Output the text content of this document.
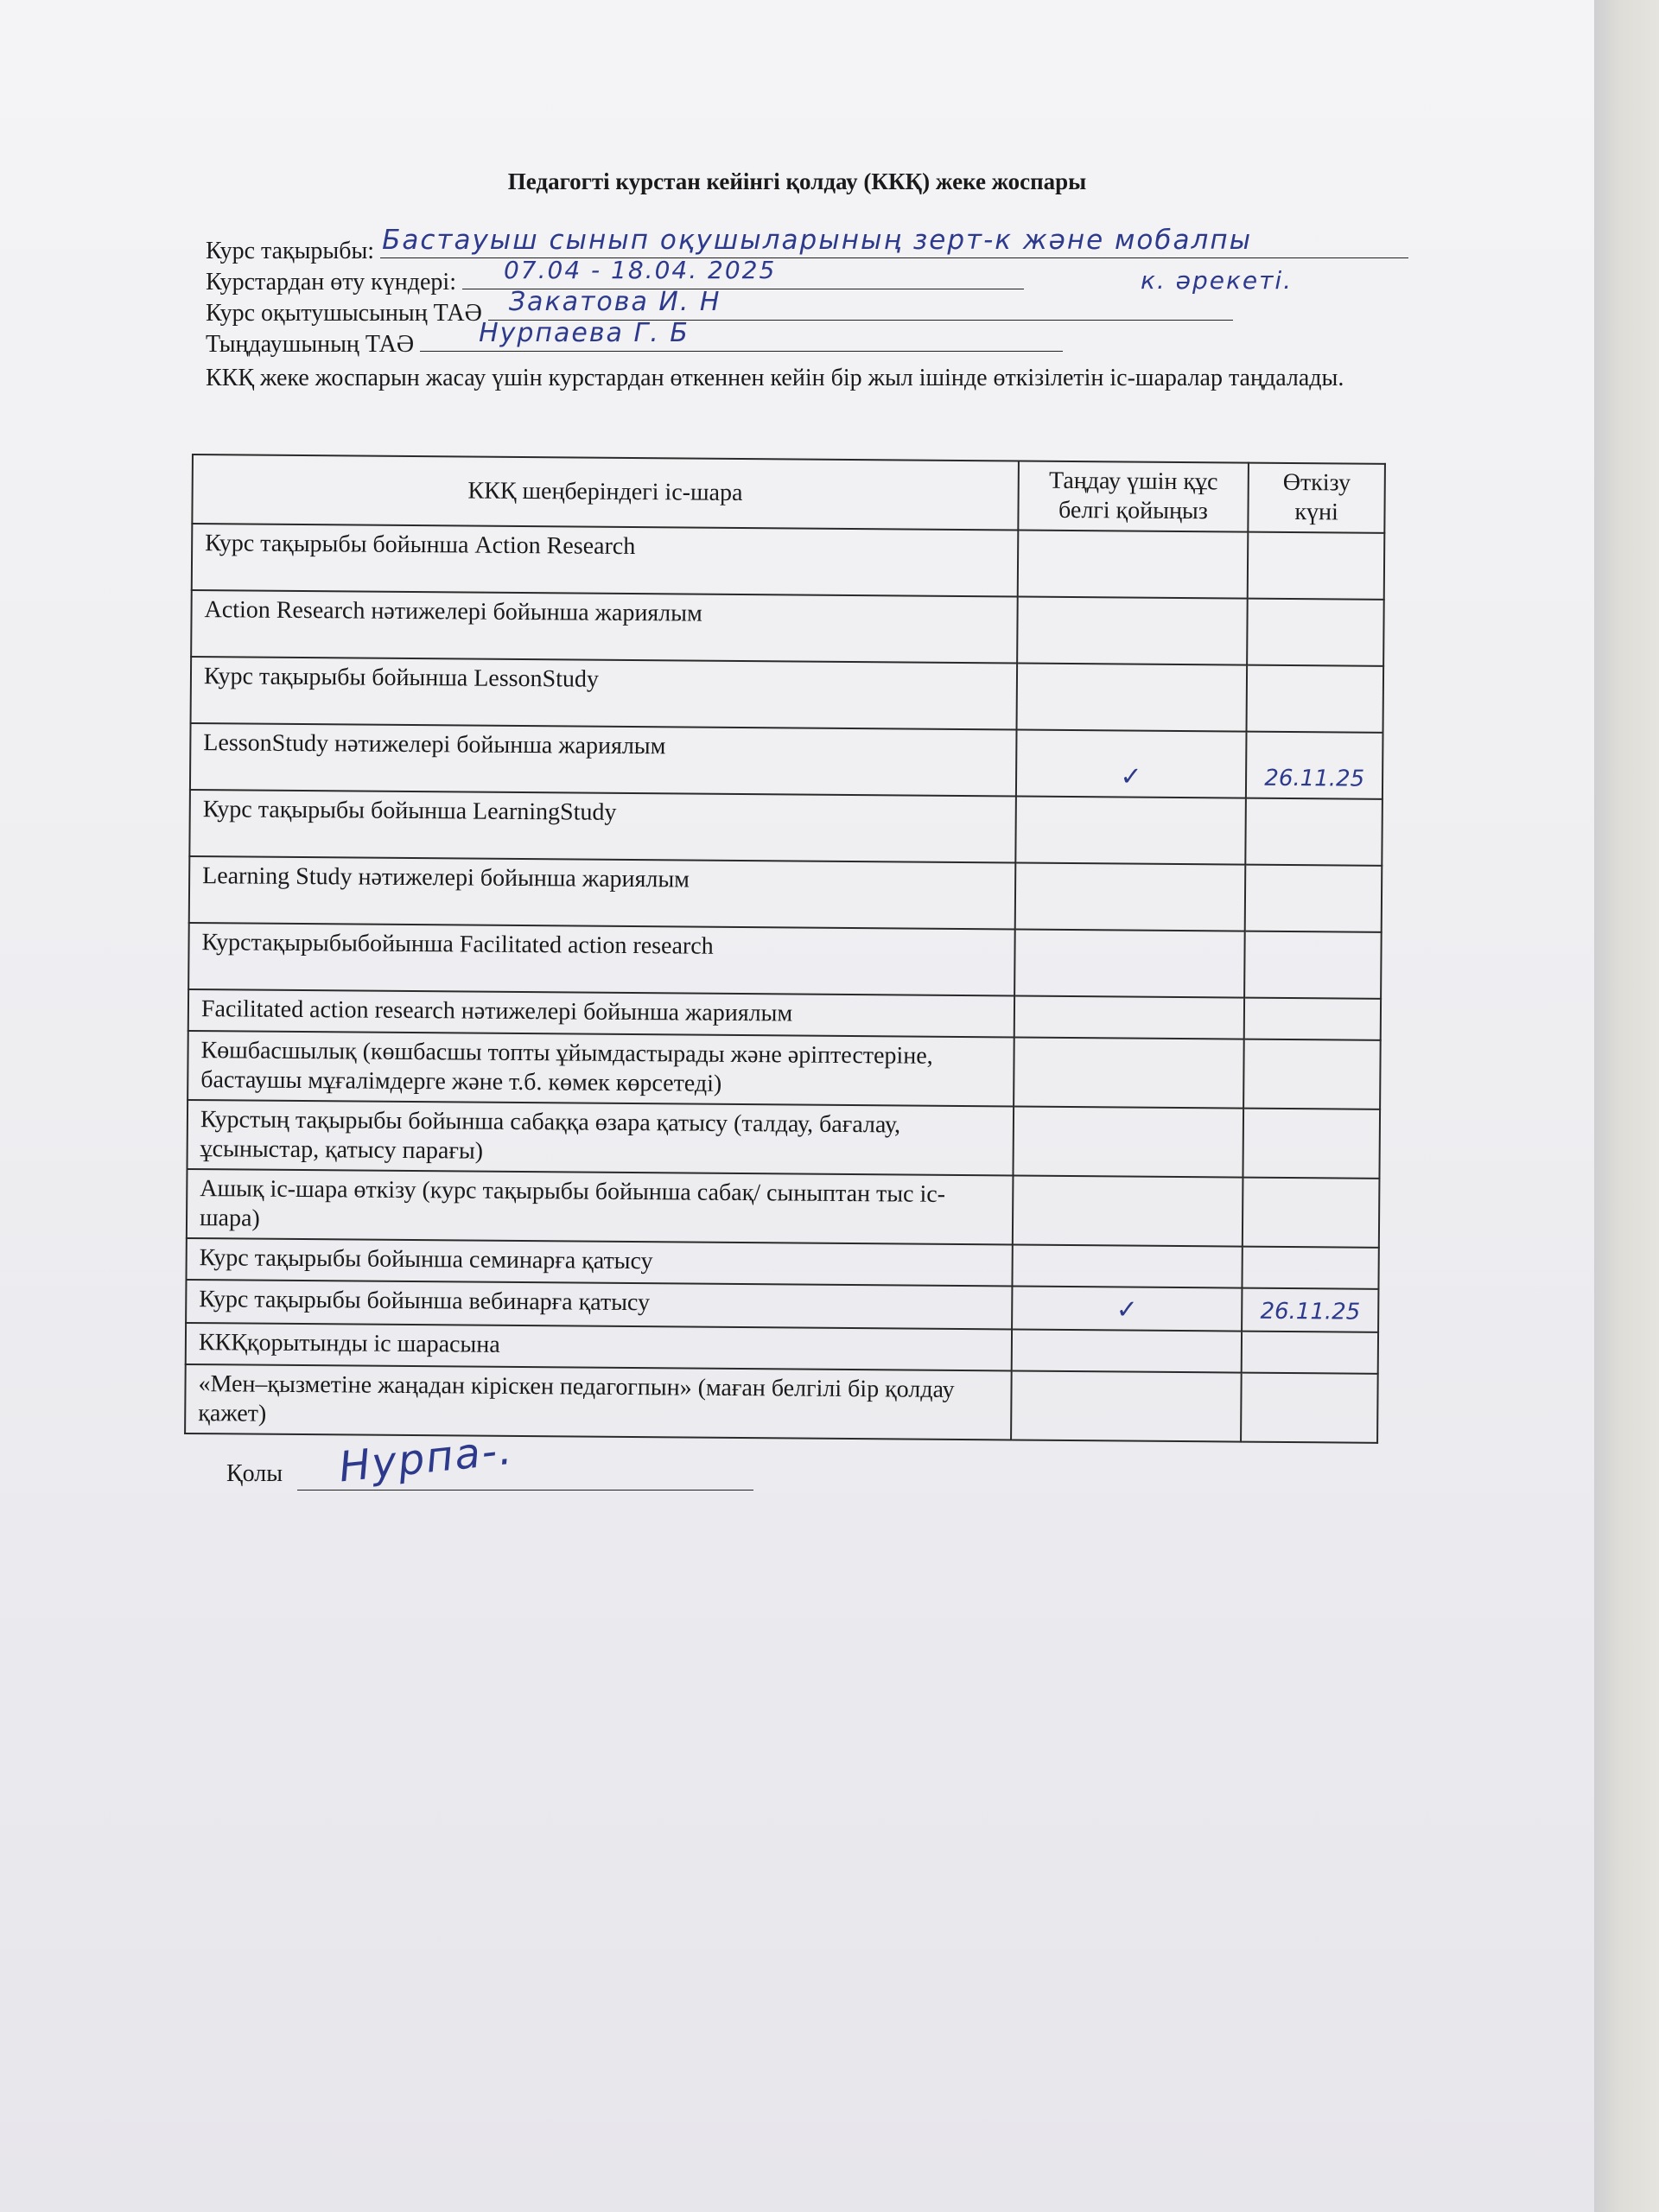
Педагогті курстан кейінгі қолдау (ККҚ) жеке жоспары
Курс тақырыбы: Бастауыш сынып оқушыларының зерт-к және мобалпы
к. әрекеті.
Курстардан өту күндері: 07.04 - 18.04. 2025
Курс оқытушысының ТАӘ Закатова И. Н
Тыңдаушының ТАӘ	Нурпаева Г. Б
ККҚ жеке жоспарын жасау үшін курстардан өткеннен кейін бір жыл ішінде өткізілетін іс-шаралар таңдалады.
ККҚ шеңберіндегі іс-шара	Таңдау үшін құс белгі қойыңыз	Өткізу күні
Курс тақырыбы бойынша Action Research		
Action Research нәтижелері бойынша жариялым		
Курс тақырыбы бойынша LessonStudy		
LessonStudy нәтижелері бойынша жариялым	✓	26.11.25
Курс тақырыбы бойынша LearningStudy		
Learning Study нәтижелері бойынша жариялым		
Курстақырыбыбойынша Facilitated action research		
Facilitated action research нәтижелері бойынша жариялым		
Көшбасшылық (көшбасшы топты ұйымдастырады және әріптестеріне, бастаушы мұғалімдерге және т.б. көмек көрсетеді)		
Курстың тақырыбы бойынша сабаққа өзара қатысу (талдау, бағалау, ұсыныстар, қатысу парағы)		
Ашық іс-шара өткізу (курс тақырыбы бойынша сабақ/ сыныптан тыс іс-шара)		
Курс тақырыбы бойынша семинарға қатысу		
Курс тақырыбы бойынша вебинарға қатысу	✓	26.11.25
ККҚқорытынды іс шарасына		
«Мен–қызметіне жаңадан кіріскен педагогпын» (маған белгілі бір қолдау қажет)		
Қолы Нурпа-.
